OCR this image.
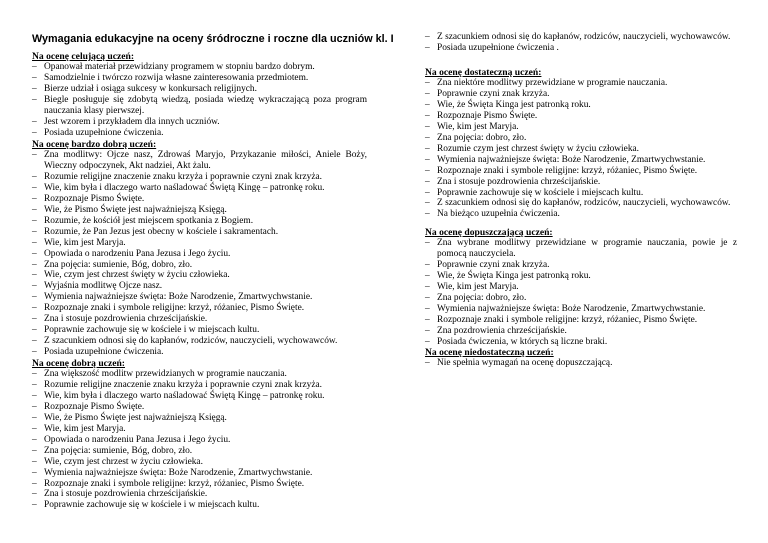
Wymagania edukacyjne na oceny śródroczne i roczne dla uczniów kl. I

Na ocenę celującą uczeń:

– Opanował materiał przewidziany programem w stopniu bardzo dobrym.
– Samodzielnie i twórczo rozwija własne zainteresowania przedmiotem.
– Bierze udział i osiąga sukcesy w konkursach religijnych.
– Biegle posługuje się zdobytą wiedzą, posiada wiedzę wykraczającą poza program nauczania klasy pierwszej.
– Jest wzorem i przykładem dla innych uczniów.
– Posiada uzupełnione ćwiczenia.

Na ocenę bardzo dobrą uczeń:

– Zna modlitwy: Ojcze nasz, Zdrowaś Maryjo, Przykazanie miłości, Aniele Boży, Wieczny odpoczynek, Akt nadziei, Akt żalu.
– Rozumie religijne znaczenie znaku krzyża i poprawnie czyni znak krzyża.
– Wie, kim była i dlaczego warto naśladować Świętą Kingę – patronkę roku.
– Rozpoznaje Pismo Święte.
– Wie, że Pismo Święte jest najważniejszą Księgą.
– Rozumie, że kościół jest miejscem spotkania z Bogiem.
– Rozumie, że Pan Jezus jest obecny w kościele i sakramentach.
– Wie, kim jest Maryja.
– Opowiada o narodzeniu Pana Jezusa i Jego życiu.
– Zna pojęcia: sumienie, Bóg, dobro, zło.
– Wie, czym jest chrzest święty w życiu człowieka.
– Wyjaśnia modlitwę Ojcze nasz.
– Wymienia najważniejsze święta: Boże Narodzenie, Zmartwychwstanie.
– Rozpoznaje znaki i symbole religijne: krzyż, różaniec, Pismo Święte.
– Zna i stosuje pozdrowienia chrześcijańskie.
– Poprawnie zachowuje się w kościele i w miejscach kultu.
– Z szacunkiem odnosi się do kapłanów, rodziców, nauczycieli, wychowawców.
– Posiada uzupełnione ćwiczenia.

Na ocenę dobrą uczeń:

– Zna większość modlitw przewidzianych w programie nauczania.
– Rozumie religijne znaczenie znaku krzyża i poprawnie czyni znak krzyża.
– Wie, kim była i dlaczego warto naśladować Świętą Kingę – patronkę roku.
– Rozpoznaje Pismo Święte.
– Wie, że Pismo Święte jest najważniejszą Księgą.
– Wie, kim jest Maryja.
– Opowiada o narodzeniu Pana Jezusa i Jego życiu.
– Zna pojęcia: sumienie, Bóg, dobro, zło.
– Wie, czym jest chrzest w życiu człowieka.
– Wymienia najważniejsze święta: Boże Narodzenie, Zmartwychwstanie.
– Rozpoznaje znaki i symbole religijne: krzyż, różaniec, Pismo Święte.
– Zna i stosuje pozdrowienia chrześcijańskie.
– Poprawnie zachowuje się w kościele i w miejscach kultu.
– Z szacunkiem odnosi się do kapłanów, rodziców, nauczycieli, wychowawców.
– Posiada uzupełnione ćwiczenia .

Na ocenę dostateczną uczeń:

– Zna niektóre modlitwy przewidziane w programie nauczania.
– Poprawnie czyni znak krzyża.
– Wie, że Święta Kinga jest patronką roku.
– Rozpoznaje Pismo Święte.
– Wie, kim jest Maryja.
– Zna pojęcia: dobro, zło.
– Rozumie czym jest chrzest święty w życiu człowieka.
– Wymienia najważniejsze święta: Boże Narodzenie, Zmartwychwstanie.
– Rozpoznaje znaki i symbole religijne: krzyż, różaniec, Pismo Święte.
– Zna i stosuje pozdrowienia chrześcijańskie.
– Poprawnie zachowuje się w kościele i miejscach kultu.
– Z szacunkiem odnosi się do kapłanów, rodziców, nauczycieli, wychowawców.
– Na bieżąco uzupełnia ćwiczenia.

Na ocenę dopuszczającą uczeń:

– Zna wybrane modlitwy przewidziane w programie nauczania, powie je z pomocą nauczyciela.
– Poprawnie czyni znak krzyża.
– Wie, że Święta Kinga jest patronką roku.
– Wie, kim jest Maryja.
– Zna pojęcia: dobro, zło.
– Wymienia najważniejsze święta: Boże Narodzenie, Zmartwychwstanie.
– Rozpoznaje znaki i symbole religijne: krzyż, różaniec, Pismo Święte.
– Zna pozdrowienia chrześcijańskie.
– Posiada ćwiczenia, w których są liczne braki.

Na ocenę niedostateczną uczeń:

– Nie spełnia wymagań na ocenę dopuszczającą.
